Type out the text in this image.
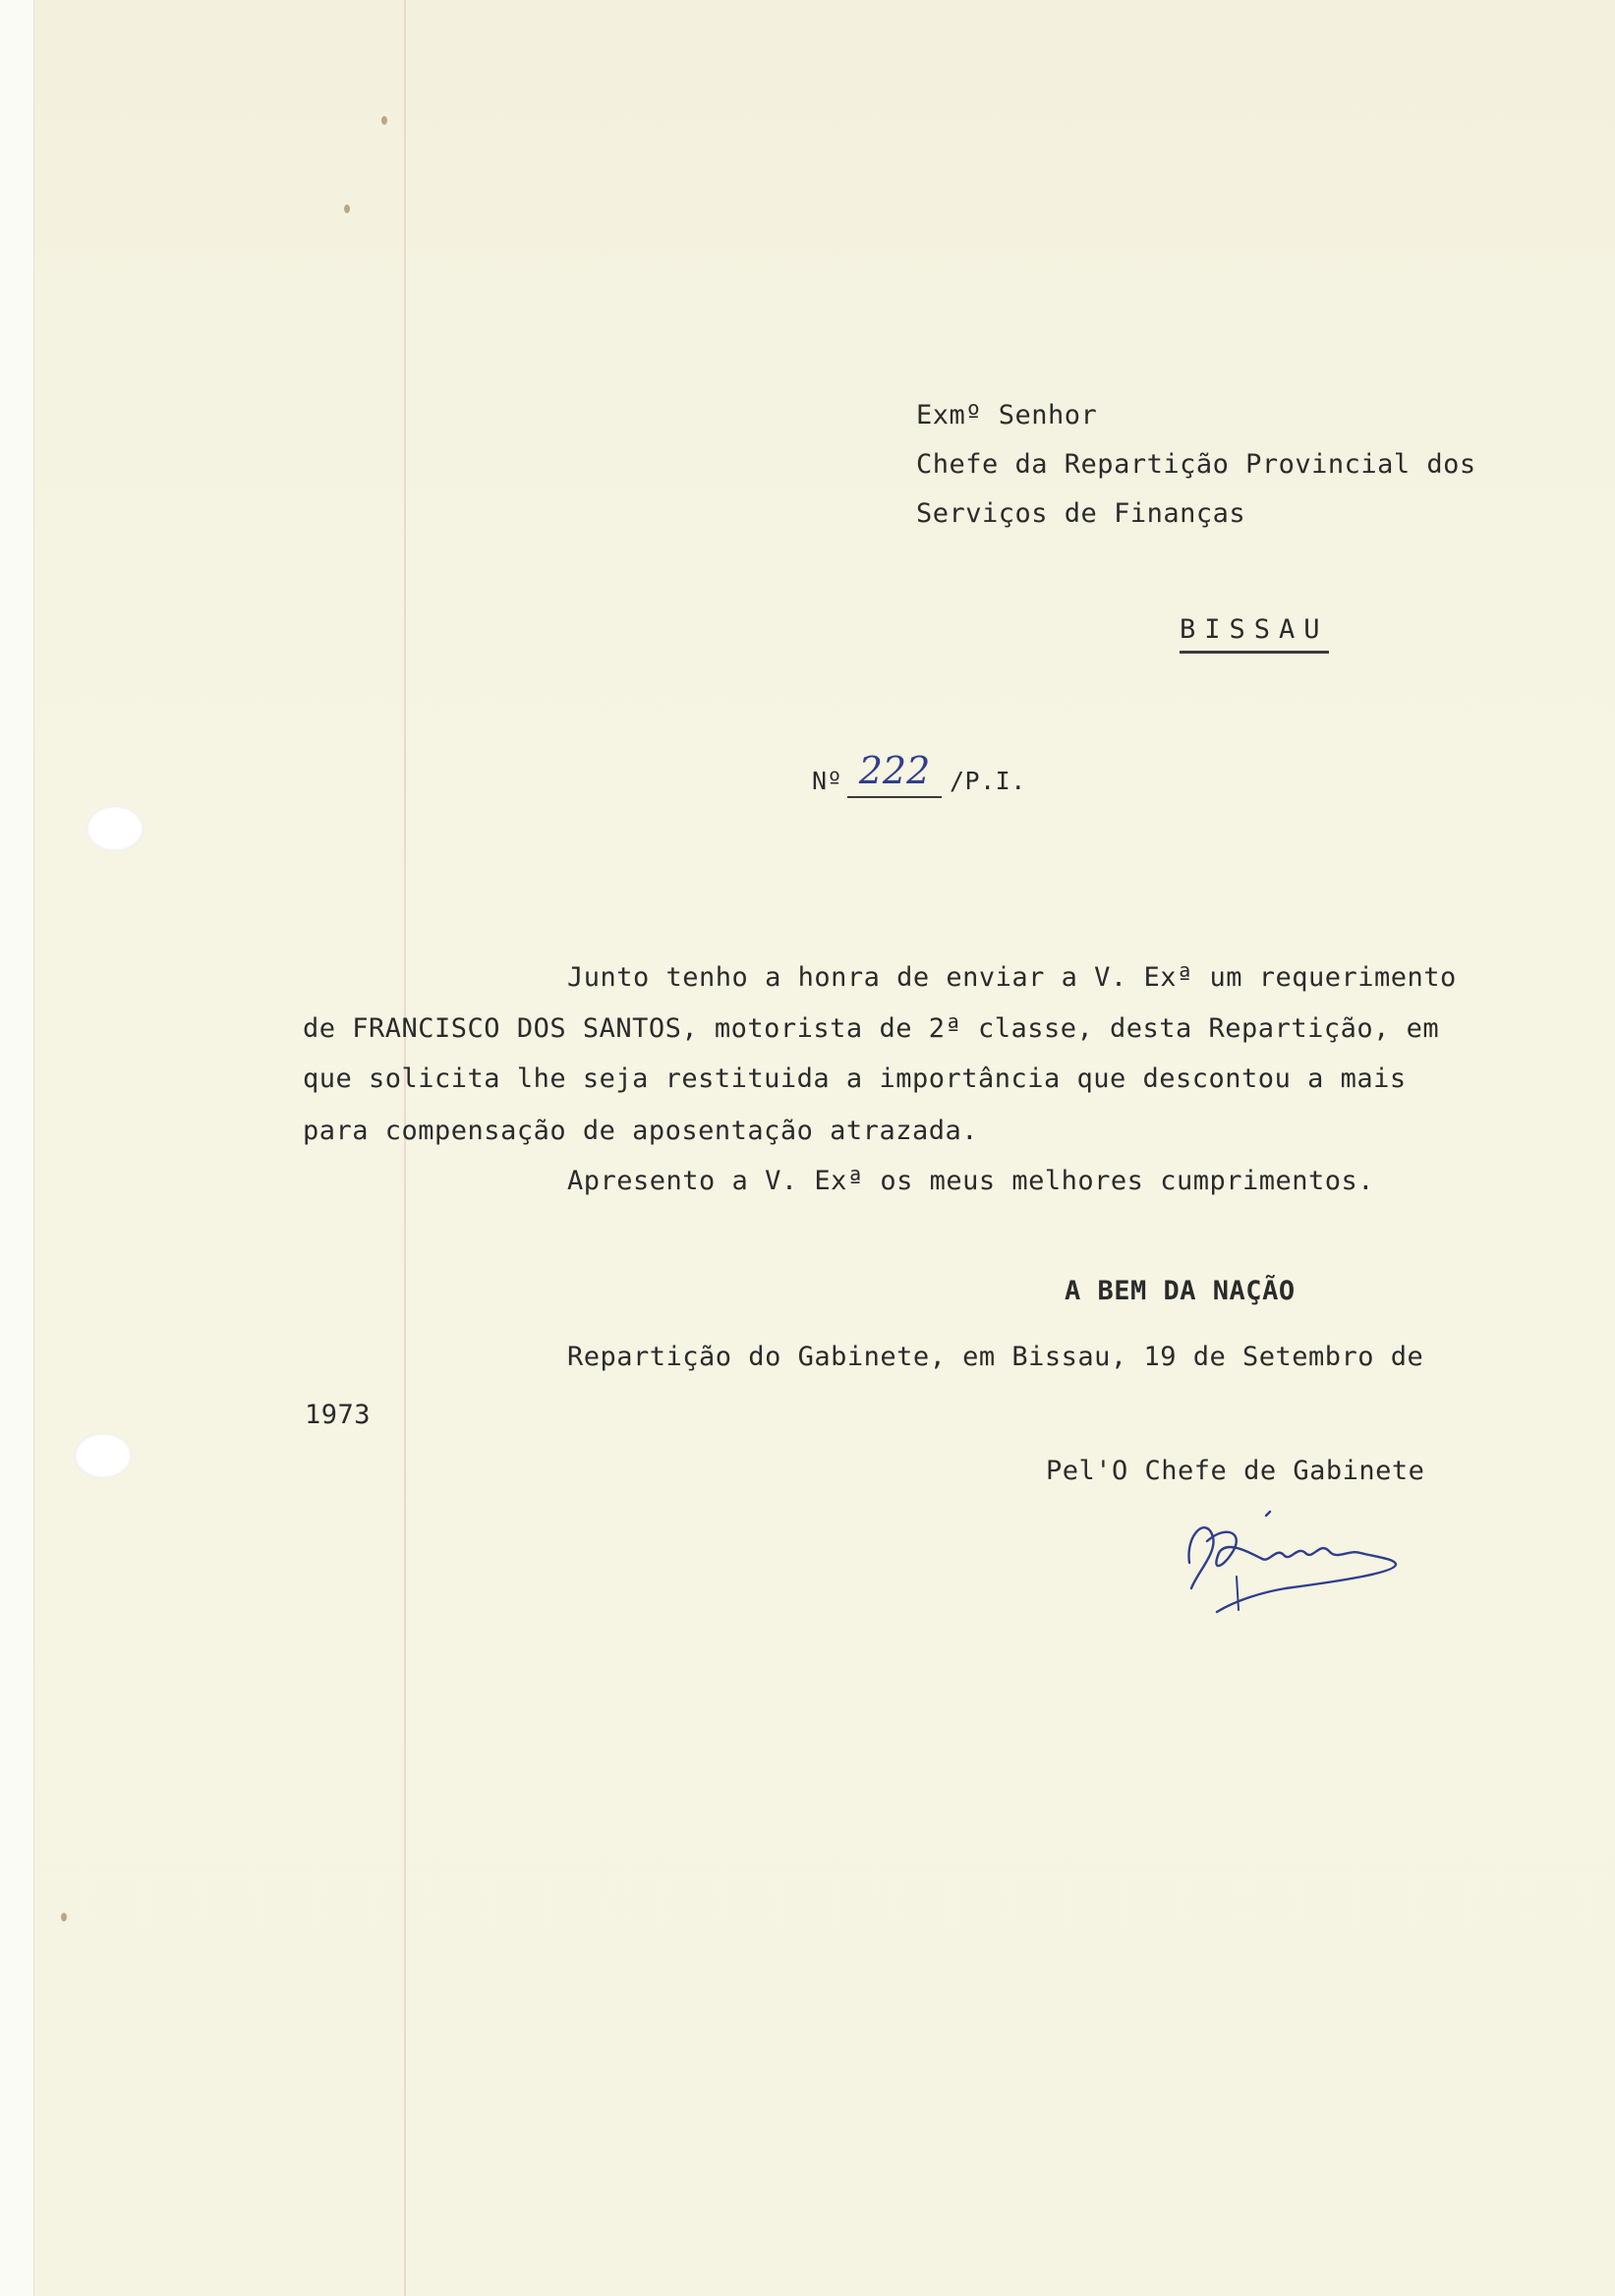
Exmº Senhor
Chefe da Repartição Provincial dos
Serviços de Finanças
BISSAU
Nº 222 /P.I.
Junto tenho a honra de enviar a V. Exª um requerimento
de FRANCISCO DOS SANTOS, motorista de 2ª classe, desta Repartição, em
que solicita lhe seja restituida a importância que descontou a mais
para compensação de aposentação atrazada.
Apresento a V. Exª os meus melhores cumprimentos.
A BEM DA NAÇÃO
Repartição do Gabinete, em Bissau, 19 de Setembro de
1973
Pel'O Chefe de Gabinete
